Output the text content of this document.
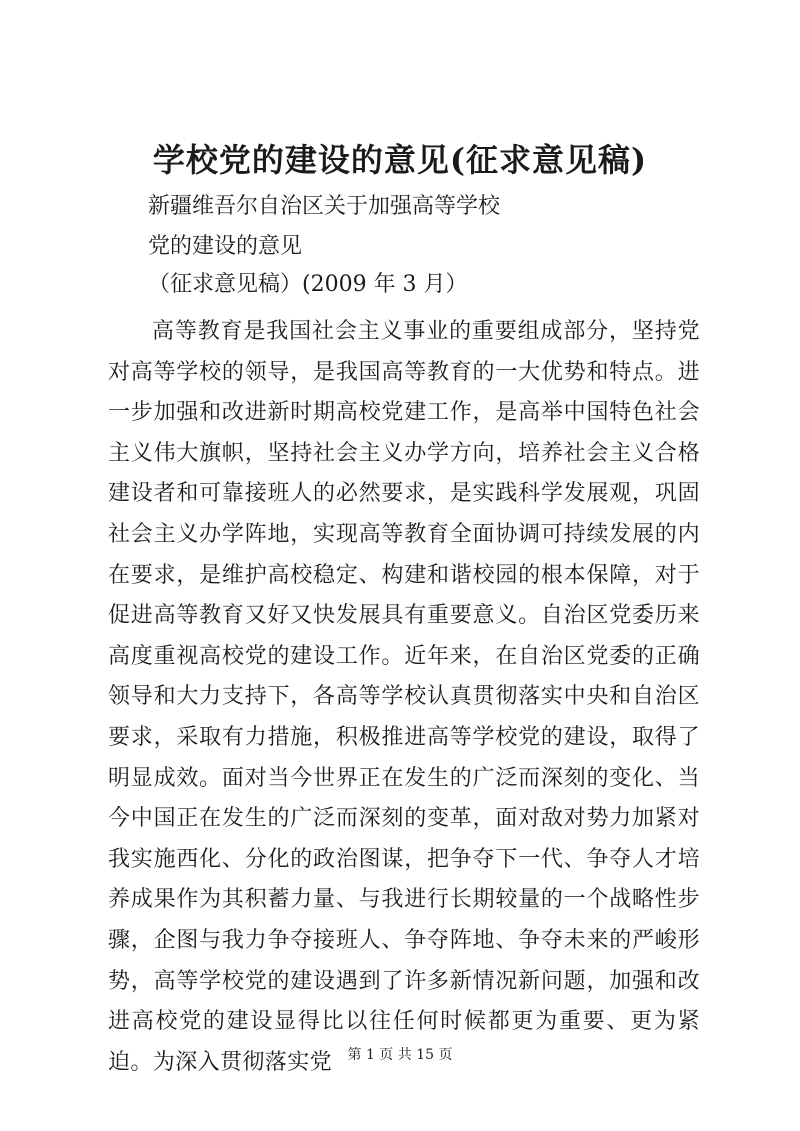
学校党的建设的意见(征求意见稿)
新疆维吾尔自治区关于加强高等学校
党的建设的意见
（征求意见稿）(2009 年 3 月）
高等教育是我国社会主义事业的重要组成部分，坚持党对高等学校的领导，是我国高等教育的一大优势和特点。进一步加强和改进新时期高校党建工作，是高举中国特色社会主义伟大旗帜，坚持社会主义办学方向，培养社会主义合格建设者和可靠接班人的必然要求，是实践科学发展观，巩固社会主义办学阵地，实现高等教育全面协调可持续发展的内在要求，是维护高校稳定、构建和谐校园的根本保障，对于促进高等教育又好又快发展具有重要意义。自治区党委历来高度重视高校党的建设工作。近年来，在自治区党委的正确领导和大力支持下，各高等学校认真贯彻落实中央和自治区要求，采取有力措施，积极推进高等学校党的建设，取得了明显成效。面对当今世界正在发生的广泛而深刻的变化、当今中国正在发生的广泛而深刻的变革，面对敌对势力加紧对我实施西化、分化的政治图谋，把争夺下一代、争夺人才培养成果作为其积蓄力量、与我进行长期较量的一个战略性步骤，企图与我力争夺接班人、争夺阵地、争夺未来的严峻形势，高等学校党的建设遇到了许多新情况新问题，加强和改进高校党的建设显得比以往任何时候都更为重要、更为紧迫。为深入贯彻落实党	第 1 页 共 15 页
